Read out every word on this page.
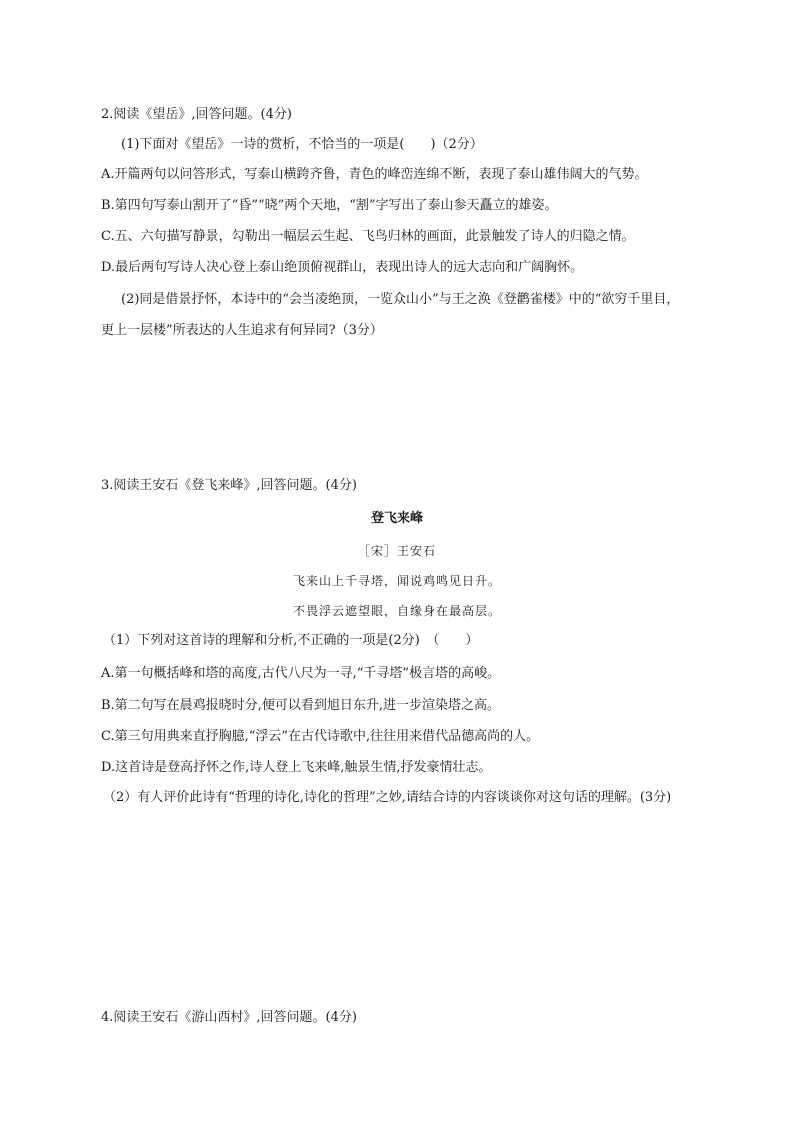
2.阅读《望岳》,回答问题。(4分)
(1)下面对《望岳》一诗的赏析，不恰当的一项是(　　)（2分）
A.开篇两句以问答形式，写泰山横跨齐鲁，青色的峰峦连绵不断，表现了泰山雄伟阔大的气势。
B.第四句写泰山割开了“昏”“晓”两个天地，“割”字写出了泰山参天矗立的雄姿。
C.五、六句描写静景，勾勒出一幅层云生起、飞鸟归林的画面，此景触发了诗人的归隐之情。
D.最后两句写诗人决心登上泰山绝顶俯视群山，表现出诗人的远大志向和广阔胸怀。
(2)同是借景抒怀，本诗中的“会当凌绝顶，一览众山小”与王之涣《登鹳雀楼》中的“欲穷千里目，
更上一层楼”所表达的人生追求有何异同?（3分）
3.阅读王安石《登飞来峰》,回答问题。(4分)
登飞来峰
［宋］王安石
飞来山上千寻塔，闻说鸡鸣见日升。
不畏浮云遮望眼，自缘身在最高层。
（1）下列对这首诗的理解和分析,不正确的一项是(2分)　（　　）
A.第一句概括峰和塔的高度,古代八尺为一寻,“千寻塔”极言塔的高峻。
B.第二句写在晨鸡报晓时分,便可以看到旭日东升,进一步渲染塔之高。
C.第三句用典来直抒胸臆,“浮云”在古代诗歌中,往往用来借代品德高尚的人。
D.这首诗是登高抒怀之作,诗人登上飞来峰,触景生情,抒发豪情壮志。
（2）有人评价此诗有“哲理的诗化,诗化的哲理”之妙,请结合诗的内容谈谈你对这句话的理解。(3分)
4.阅读王安石《游山西村》,回答问题。(4分)
